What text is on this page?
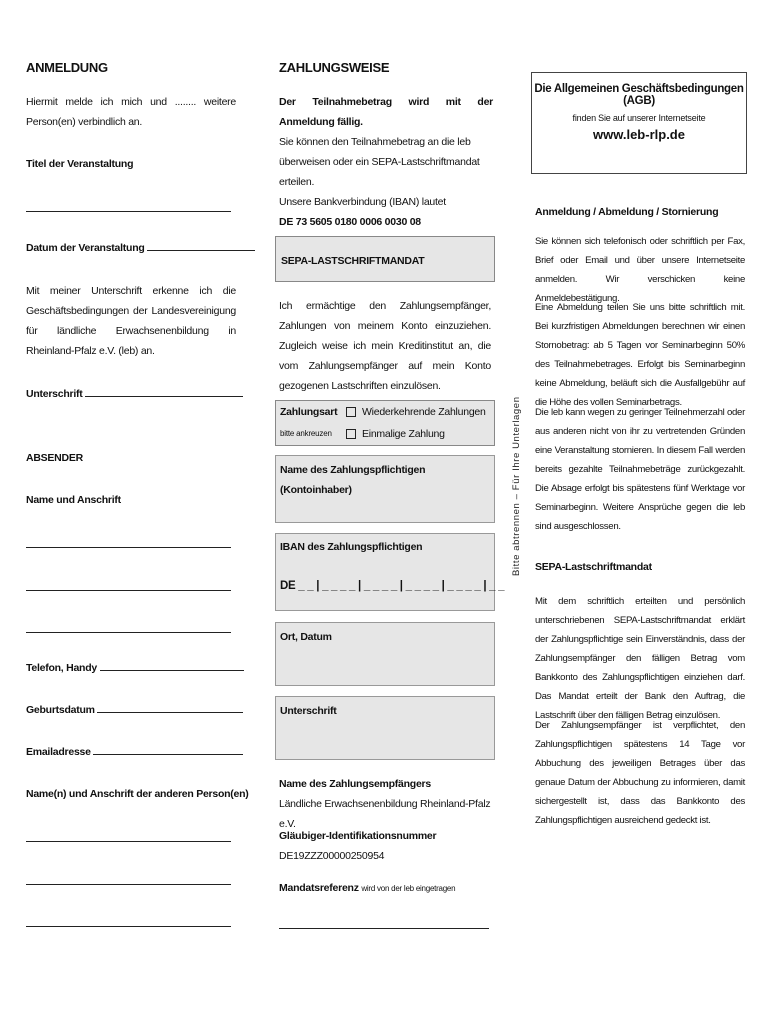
ANMELDUNG
Hiermit melde ich mich und ........ weitere Person(en) verbindlich an.
Titel der Veranstaltung
Datum der Veranstaltung
Mit meiner Unterschrift erkenne ich die Geschäftsbedingungen der Landesvereinigung für ländliche Erwachsenenbildung in Rheinland-Pfalz e.V. (leb) an.
Unterschrift
ABSENDER
Name und Anschrift
Telefon, Handy
Geburtsdatum
Emailadresse
Name(n) und Anschrift der anderen Person(en)
ZAHLUNGSWEISE
Der Teilnahmebetrag wird mit der Anmeldung fällig.
Sie können den Teilnahmebetrag an die leb überweisen oder ein SEPA-Lastschriftmandat erteilen.
Unsere Bankverbindung (IBAN) lautet
DE 73 5605 0180 0006 0030 08
SEPA-LASTSCHRIFTMANDAT
Ich ermächtige den Zahlungsempfänger, Zahlungen von meinem Konto einzuziehen. Zugleich weise ich mein Kreditinstitut an, die vom Zahlungsempfänger auf mein Konto gezogenen Lastschriften einzulösen.
Zahlungsart
bitte ankreuzen
Wiederkehrende Zahlungen
Einmalige Zahlung
Name des Zahlungspflichtigen (Kontoinhaber)
IBAN des Zahlungspflichtigen
DE _ _ | _ _ _ _ | _ _ _ _ | _ _ _ _ | _ _ _ _ | _ _
Ort, Datum
Unterschrift
Name des Zahlungsempfängers
Ländliche Erwachsenenbildung Rheinland-Pfalz e.V.
Gläubiger-Identifikationsnummer
DE19ZZZ00000250954
Mandatsreferenz wird von der leb eingetragen
Bitte abtrennen – Für Ihre Unterlagen
Die Allgemeinen Geschäftsbedingungen (AGB)
finden Sie auf unserer Internetseite
www.leb-rlp.de
Anmeldung / Abmeldung / Stornierung
Sie können sich telefonisch oder schriftlich per Fax, Brief oder Email und über unsere Internetseite anmelden. Wir verschicken keine Anmeldebestätigung.
Eine Abmeldung teilen Sie uns bitte schriftlich mit. Bei kurzfristigen Abmeldungen berechnen wir einen Stornobetrag: ab 5 Tagen vor Seminarbeginn 50% des Teilnahmebetrages. Erfolgt bis Seminarbeginn keine Abmeldung, beläuft sich die Ausfallgebühr auf die Höhe des vollen Seminarbetrags.
Die leb kann wegen zu geringer Teilnehmerzahl oder aus anderen nicht von ihr zu vertretenden Gründen eine Veranstaltung stornieren. In diesem Fall werden bereits gezahlte Teilnahmebeträge zurückgezahlt. Die Absage erfolgt bis spätestens fünf Werktage vor Seminarbeginn. Weitere Ansprüche gegen die leb sind ausgeschlossen.
SEPA-Lastschriftmandat
Mit dem schriftlich erteilten und persönlich unterschriebenen SEPA-Lastschriftmandat erklärt der Zahlungspflichtige sein Einverständnis, dass der Zahlungsempfänger den fälligen Betrag vom Bankkonto des Zahlungspflichtigen einziehen darf. Das Mandat erteilt der Bank den Auftrag, die Lastschrift über den fälligen Betrag einzulösen.
Der Zahlungsempfänger ist verpflichtet, den Zahlungspflichtigen spätestens 14 Tage vor Abbuchung des jeweiligen Betrages über das genaue Datum der Abbuchung zu informieren, damit sichergestellt ist, dass das Bankkonto des Zahlungspflichtigen ausreichend gedeckt ist.
